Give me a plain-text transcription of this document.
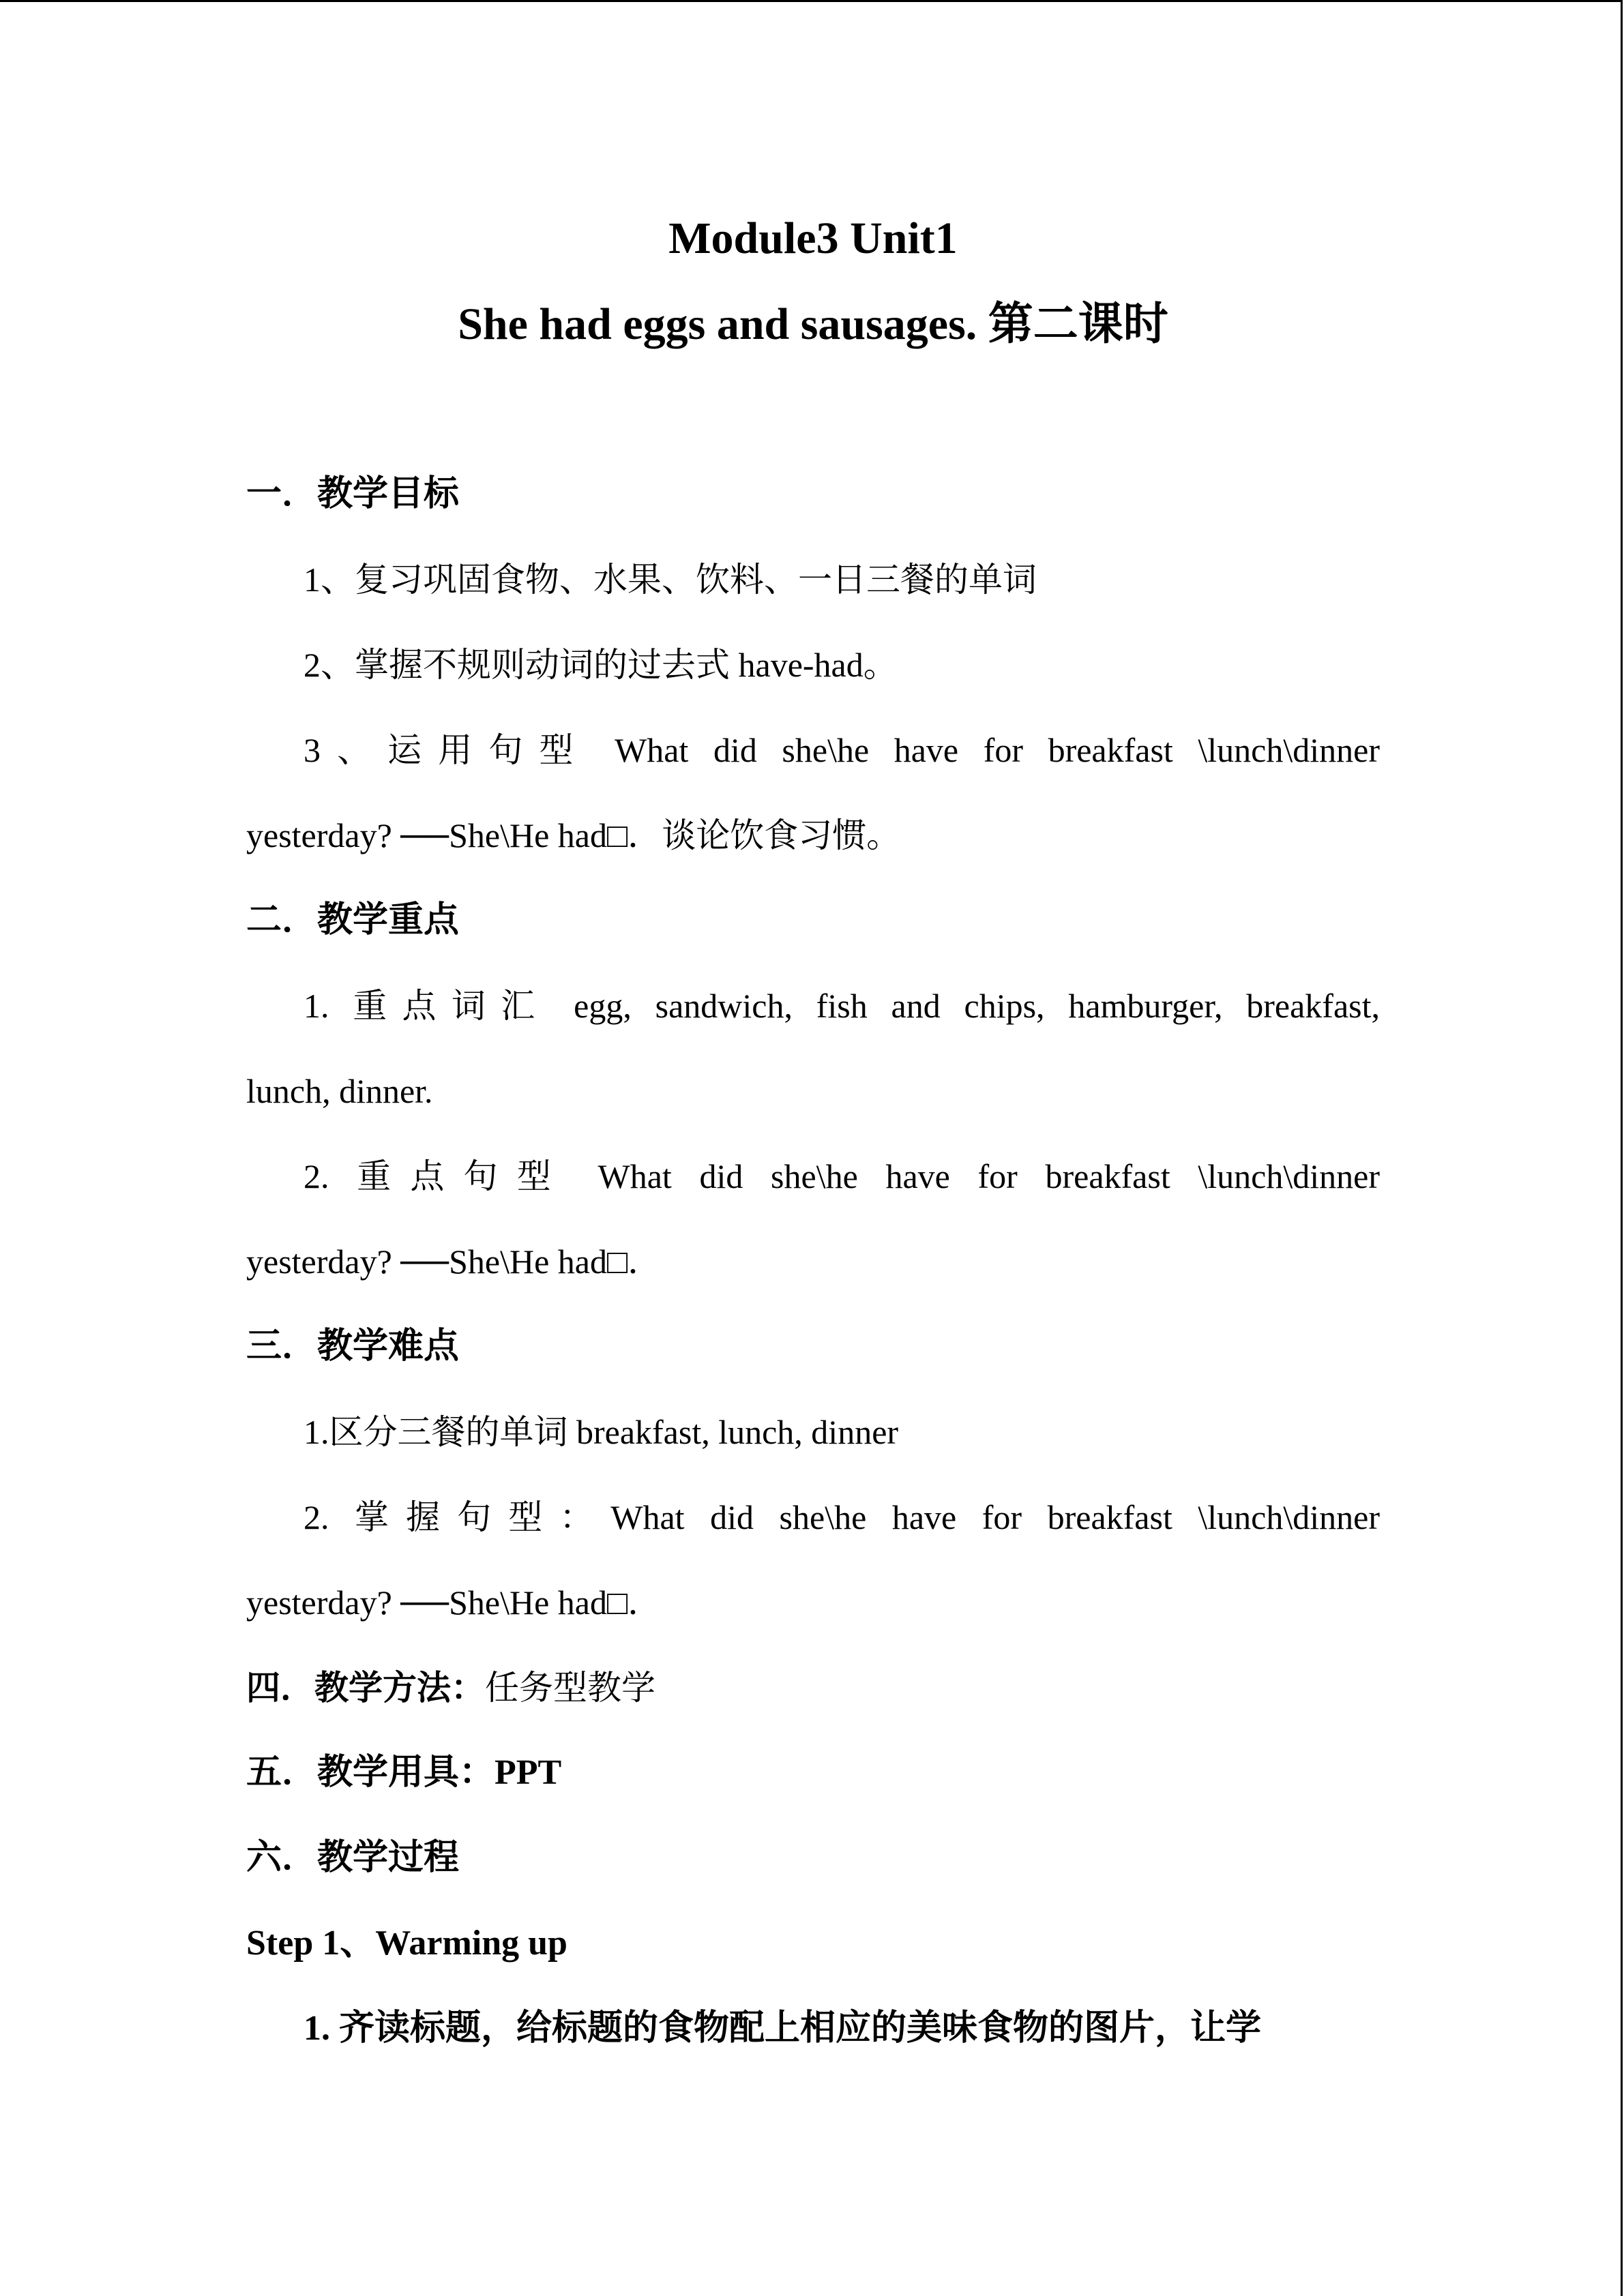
Module3 Unit1
She had eggs and sausages. 第二课时
一．教学目标
1、复习巩固食物、水果、饮料、一日三餐的单词
2、掌握不规则动词的过去式 have-had。
3、运用句型 What did she\he have for breakfast \lunch\dinner
yesterday? ──She\He had□．谈论饮食习惯。
二．教学重点
1. 重点词汇 egg, sandwich, fish and chips, hamburger, breakfast,
lunch, dinner.
2. 重点句型 What did she\he have for breakfast \lunch\dinner
yesterday? ──She\He had□．
三．教学难点
1.区分三餐的单词 breakfast, lunch, dinner
2. 掌握句型：What did she\he have for breakfast \lunch\dinner
yesterday? ──She\He had□．
四．教学方法：任务型教学
五．教学用具：PPT
六．教学过程
Step 1、Warming up
1. 齐读标题，给标题的食物配上相应的美味食物的图片，让学
